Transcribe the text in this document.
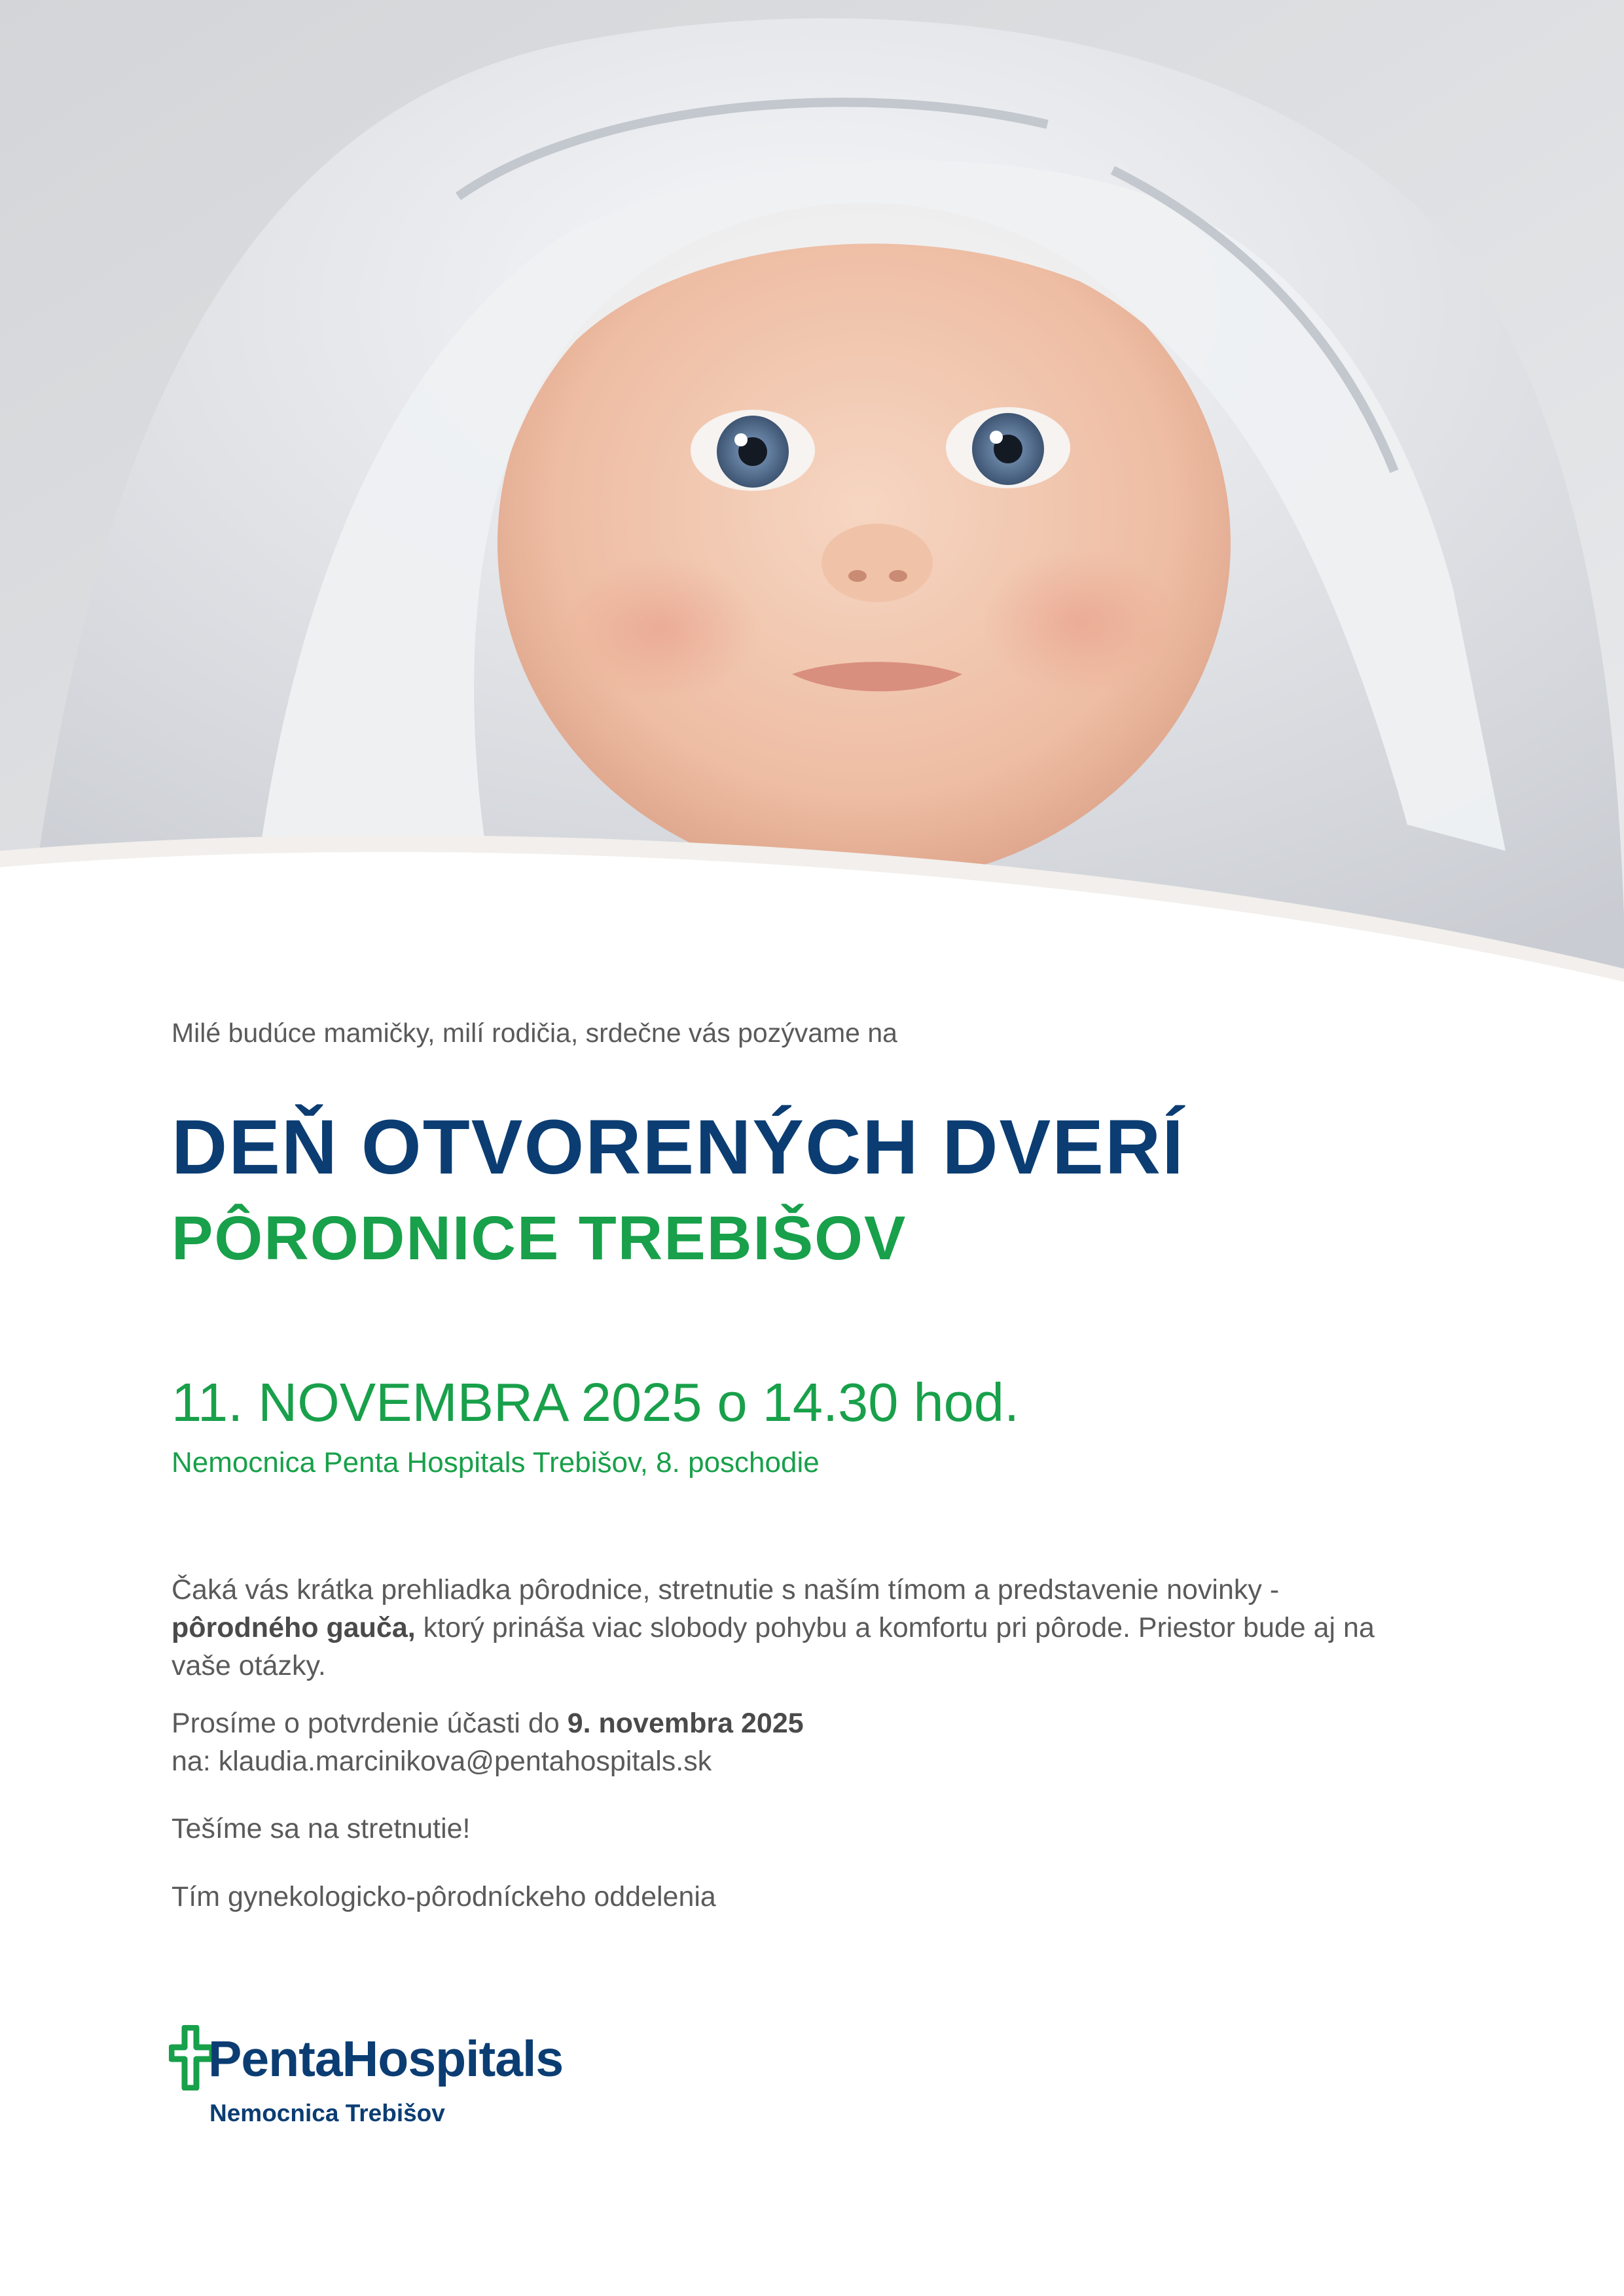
Milé budúce mamičky, milí rodičia, srdečne vás pozývame na
DEŇ OTVORENÝCH DVERÍ
PÔRODNICE TREBIŠOV
11. NOVEMBRA 2025 o 14.30 hod.
Nemocnica Penta Hospitals Trebišov, 8. poschodie
Čaká vás krátka prehliadka pôrodnice, stretnutie s naším tímom a predstavenie novinky - pôrodného gauča, ktorý prináša viac slobody pohybu a komfortu pri pôrode. Priestor bude aj na vaše otázky.
Prosíme o potvrdenie účasti do 9. novembra 2025
na: klaudia.marcinikova@pentahospitals.sk
Tešíme sa na stretnutie!
Tím gynekologicko-pôrodníckeho oddelenia
PentaHospitals
Nemocnica Trebišov
